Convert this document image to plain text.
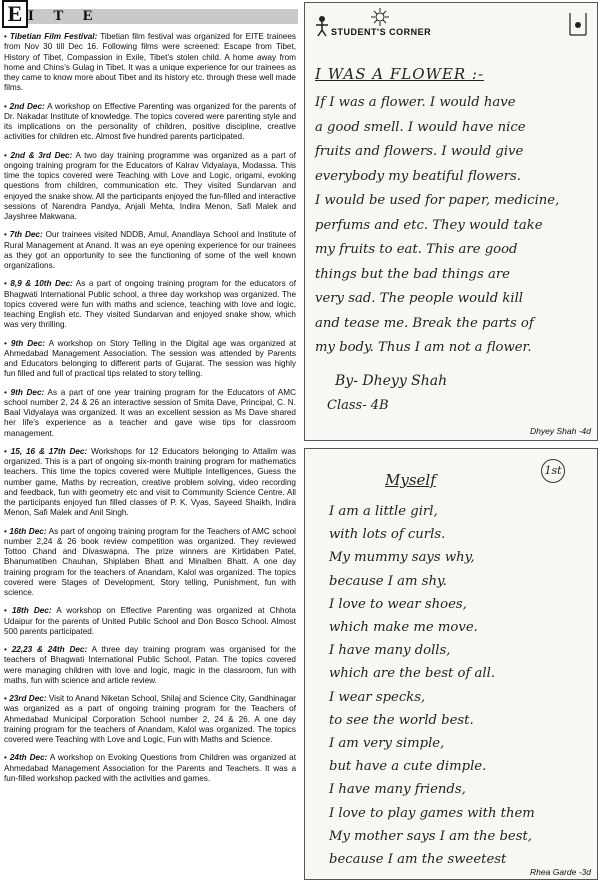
E I T E

• Tibetian Film Festival: Tibetian film festival was organized for EITE trainees from Nov 30 till Dec 16. Following films were screened: Escape from Tibet, History of Tibet, Compassion in Exile, Tibet’s stolen child. A home away from home and Chins’s Gulag in Tibet. It was a unique experience for our trainees as they came to know more about Tibet and its history etc. through these well made films.

• 2nd Dec: A workshop on Effective Parenting was organized for the parents of Dr. Nakadar Institute of knowledge. The topics covered were parenting style and its implications on the personality of children, positive discipline, creative activities for children etc. Almost five hundred parents participated.

• 2nd & 3rd Dec: A two day training programme was organized as a part of ongoing training program for the Educators of Kalrav Vidyalaya, Modassa. This time the topics covered were Teaching with Love and Logic, origami, evoking questions from children, communication etc. They visited Sundarvan and enjoyed the snake show. All the participants enjoyed the fun-filled and interactive sessions of Narendra Pandya, Anjali Mehta, Indira Menon, Safi Malek and Jayshree Makwana.

• 7th Dec: Our trainees visited NDDB, Amul, Anandlaya School and Institute of Rural Management at Anand. It was an eye opening experience for our trainees as they got an opportunity to see the functioning of some of the well known organizations.

• 8,9 & 10th Dec: As a part of ongoing training program for the educators of Bhagwati International Public school, a three day workshop was organized. The topics covered were fun with maths and science, teaching with love and logic, teaching English etc. They visited Sundarvan and enjoyed snake show, which was very thrilling.

• 9th Dec: A workshop on Story Telling in the Digital age was organized at Ahmedabad Management Association. The session was attended by Parents and Educators belonging to different parts of Gujarat. The session was highly fun filled and full of practical tips related to story telling.

• 9th Dec: As a part of one year training program for the Educators of AMC school number 2, 24 & 26 an interactive session of Smita Dave, Principal, C. N. Baal Vidyalaya was organized. It was an excellent session as Ms Dave shared her life’s experience as a teacher and gave wise tips for classroom management.

• 15, 16 & 17th Dec: Workshops for 12 Educators belonging to Attalim was organized. This is a part of ongoing six-month training program for mathematics teachers. This time the topics covered were Multiple Intelligences, Guess the number game, Maths by recreation, creative problem solving, video recording and feedback, fun with geometry etc and visit to Community Science Centre. All the participants enjoyed fun filled classes of P. K. Vyas, Sayeed Shaikh, Indira Menon, Safi Malek and Anil Singh.

• 16th Dec: As part of ongoing training program for the Teachers of AMC school number 2,24 & 26 book review competition was organized. They reviewed Tottoo Chand and Divaswapna. The prize winners are Kirtidaben Patel, Bhanumatiben Chauhan, Shiplaben Bhatt and Minalben Bhatt. A one day training program for the teachers of Anandam, Kalol was organized. The topics covered were Stages of Development, Story telling, Punishment, fun with science.

• 18th Dec: A workshop on Effective Parenting was organized at Chhota Udaipur for the parents of United Public School and Don Bosco School. Almost 500 parents participated.

• 22,23 & 24th Dec: A three day training program was organised for the teachers of Bhagwati International Public School, Patan. The topics covered were managing children with love and logic, magic in the classroom, fun with maths, fun with science and article review.

• 23rd Dec: Visit to Anand Niketan School, Shilaj and Science City, Gandhinagar was organized as a part of ongoing training program for the Teachers of Ahmedabad Municipal Corporation School number 2, 24 & 26. A one day training program for the teachers of Anandam, Kalol was organized. The topics covered were Teaching with Love and Logic, Fun with Maths and Science.

• 24th Dec: A workshop on Evoking Questions from Children was organized at Ahmedabad Management Association for the Parents and Teachers. It was a fun-filled workshop packed with the activities and games.

STUDENT'S CORNER
I WAS A FLOWER :-
If I was a flower. I would have
a good smell. I would have nice
fruits and flowers. I would give
everybody my beatiful flowers.
I would be used for paper, medicine,
perfums and etc. They would take
my fruits to eat. This are good
things but the bad things are
very sad. The people would kill
and tease me. Break the parts of
my body. Thus I am not a flower.
By- Dheyy Shah
Class- 4B
Dhyey Shah -4d
1st
Myself
I am a little girl,
with lots of curls.
My mummy says why,
because I am shy.
I love to wear shoes,
which make me move.
I have many dolls,
which are the best of all.
I wear specks,
to see the world best.
I am very simple,
but have a cute dimple.
I have many friends,
I love to play games with them
My mother says I am the best,
because I am the sweetest
Rhea Garde -3d
